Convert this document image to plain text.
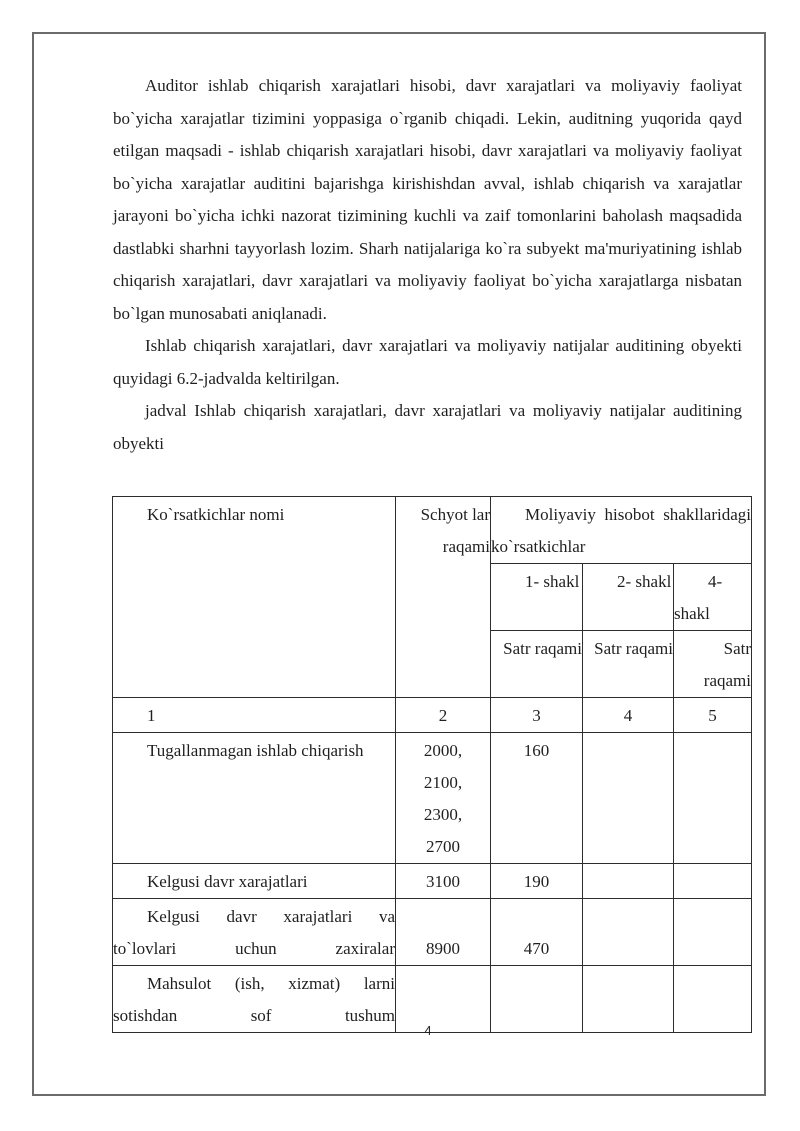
Auditor ishlab chiqarish xarajatlari hisobi, davr xarajatlari va moliyaviy faoliyat bo`yicha xarajatlar tizimini yoppasiga o`rganib chiqadi. Lekin, auditning yuqorida qayd etilgan maqsadi - ishlab chiqarish xarajatlari hisobi, davr xarajatlari va moliyaviy faoliyat bo`yicha xarajatlar auditini bajarishga kirishishdan avval, ishlab chiqarish va xarajatlar jarayoni bo`yicha ichki nazorat tizimining kuchli va zaif tomonlarini baholash maqsadida dastlabki sharhni tayyorlash lozim. Sharh natijalariga ko`ra subyekt ma'muriyatining ishlab chiqarish xarajatlari, davr xarajatlari va moliyaviy faoliyat bo`yicha xarajatlarga nisbatan bo`lgan munosabati aniqlanadi.

Ishlab chiqarish xarajatlari, davr xarajatlari va moliyaviy natijalar auditining obyekti quyidagi 6.2-jadvalda keltirilgan.

jadval Ishlab chiqarish xarajatlari, davr xarajatlari va moliyaviy natijalar auditining obyekti

Ko`rsatkichlar nomi	Schyot lar raqami	Moliyaviy hisobot shakllaridagi ko`rsatkichlar		
		1- shakl	2- shakl	4- shakl
		Satr raqami	Satr raqami	Satr raqami
1	2	3	4	5
Tugallanmagan ishlab chiqarish	2000, 2100, 2300, 2700	160		
Kelgusi davr xarajatlari	3100	190		
Kelgusi davr xarajatlari va to`lovlari uchun zaxiralar	8900	470		
Mahsulot (ish, xizmat) larni sotishdan sof tushum				
4
